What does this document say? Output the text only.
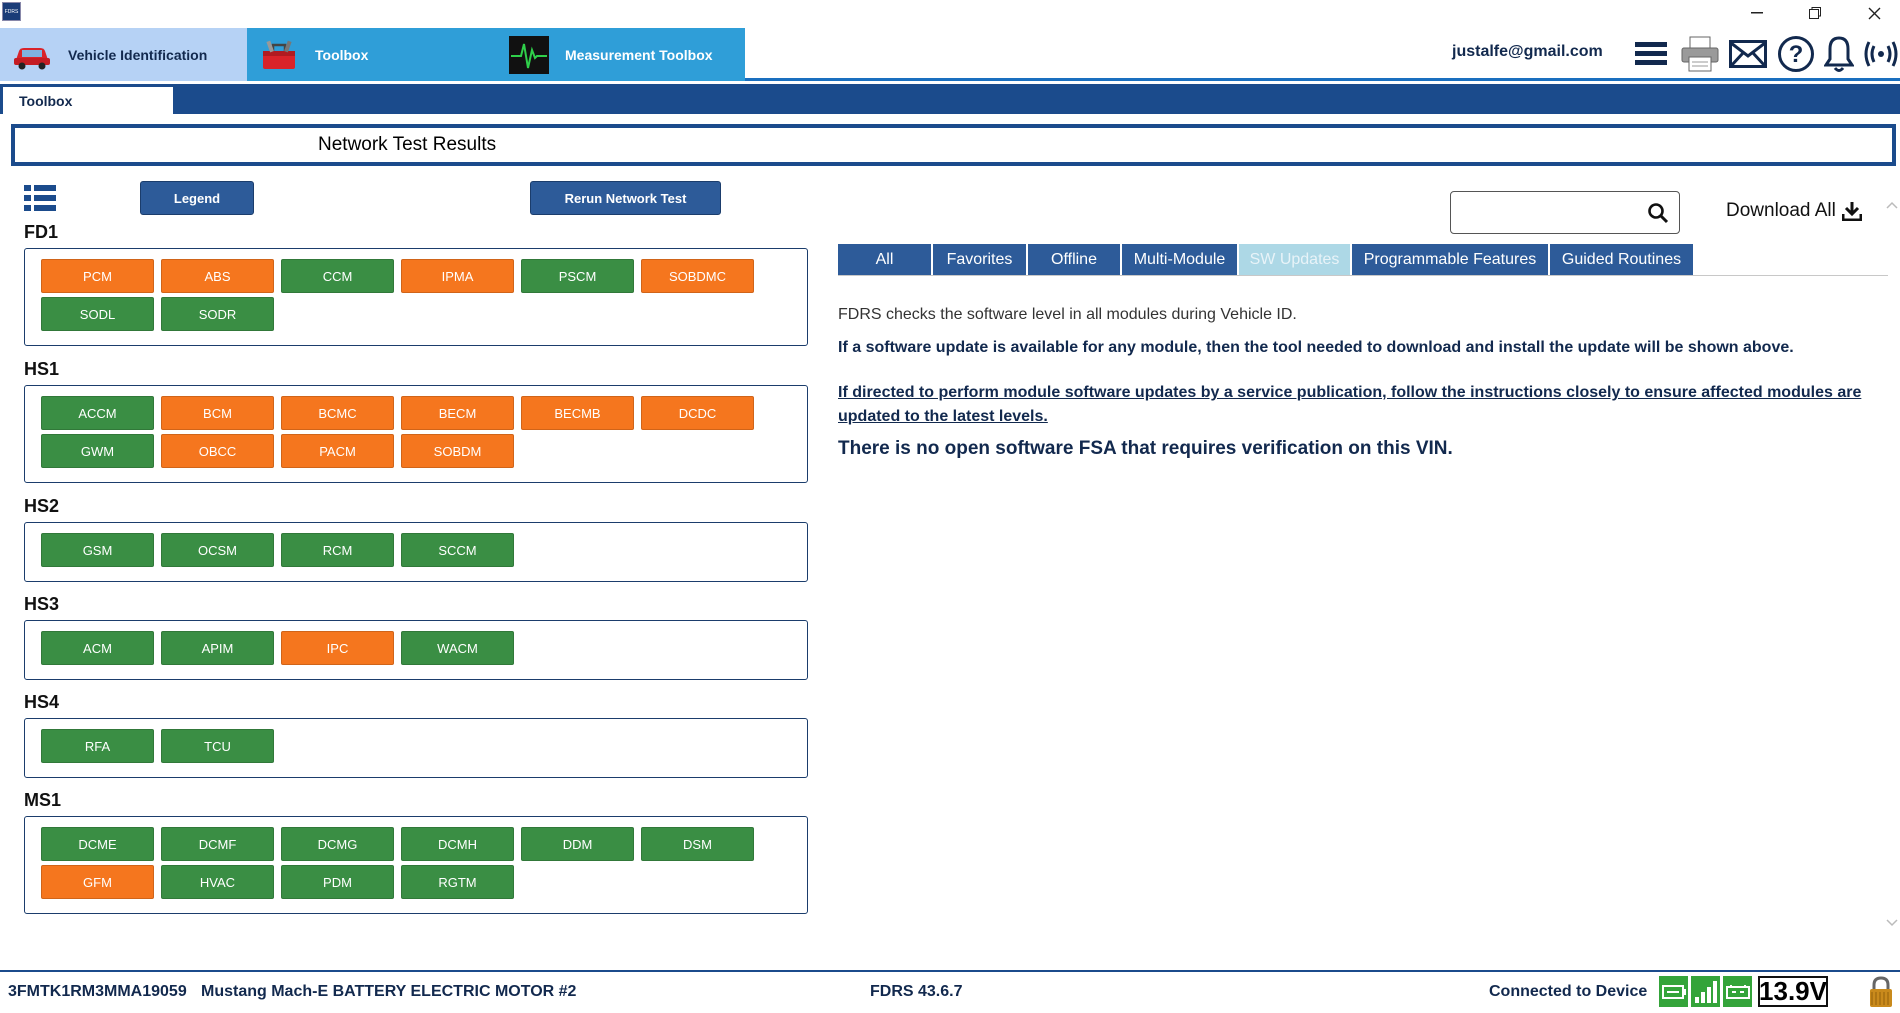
FDRS
Vehicle Identification	Toolbox	Measurement Toolbox	justalfe@gmail.com	?
Toolbox
Network Test Results
Legend	Rerun Network Test
FD1
PCM	ABS	CCM	IPMA	PSCM	SOBDMC
SODL	SODR
HS1
ACCM	BCM	BCMC	BECM	BECMB	DCDC
GWM	OBCC	PACM	SOBDM
HS2
GSM	OCSM	RCM	SCCM
HS3
ACM	APIM	IPC	WACM
HS4
RFA	TCU
MS1
DCME	DCMF	DCMG	DCMH	DDM	DSM
GFM	HVAC	PDM	RGTM
Download All
All	Favorites	Offline	Multi-Module	SW Updates	Programmable Features	Guided Routines
FDRS checks the software level in all modules during Vehicle ID.
If a software update is available for any module, then the tool needed to download and install the update will be shown above.
If directed to perform module software updates by a service publication, follow the instructions closely to ensure affected modules are updated to the latest levels.
There is no open software FSA that requires verification on this VIN.
3FMTK1RM3MMA19059 Mustang Mach-E BATTERY ELECTRIC MOTOR #2	FDRS 43.6.7	Connected to Device	13.9V
